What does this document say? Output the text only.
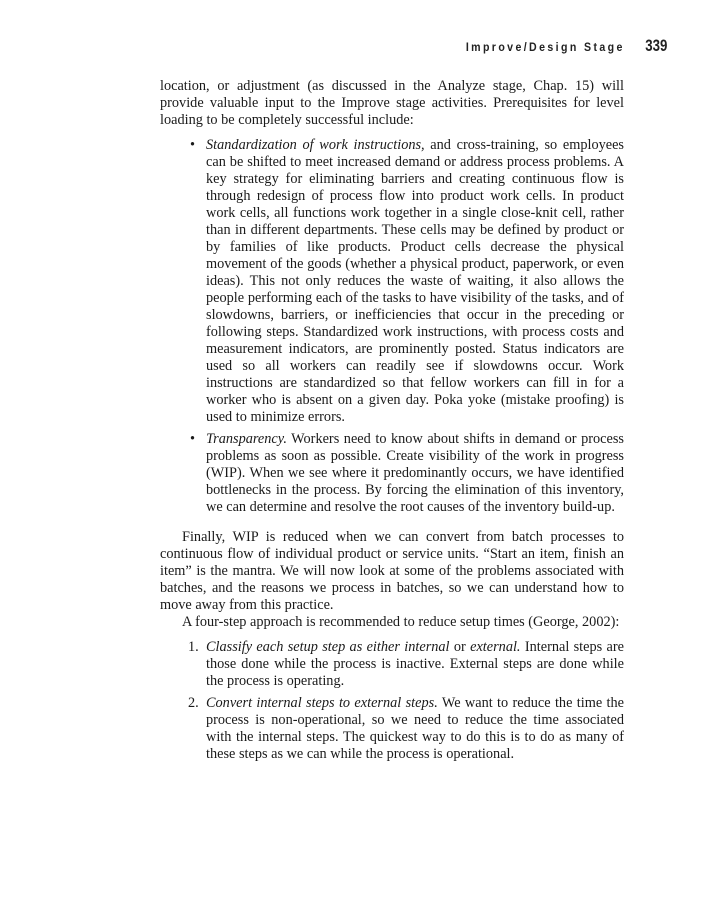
Improve/Design Stage 339

location, or adjustment (as discussed in the Analyze stage, Chap. 15) will provide valuable input to the Improve stage activities. Prerequisites for level loading to be completely successful include:

• Standardization of work instructions, and cross-training, so employees can be shifted to meet increased demand or address process problems. A key strategy for eliminating barriers and creating continuous flow is through redesign of process flow into product work cells. In product work cells, all functions work together in a single close-knit cell, rather than in different departments. These cells may be defined by product or by families of like products. Product cells decrease the physical movement of the goods (whether a physical product, paperwork, or even ideas). This not only reduces the waste of waiting, it also allows the people performing each of the tasks to have visibility of the tasks, and of slowdowns, barriers, or inefficiencies that occur in the preceding or following steps. Standardized work instructions, with process costs and measurement indicators, are prominently posted. Status indicators are used so all workers can readily see if slowdowns occur. Work instructions are standardized so that fellow workers can fill in for a worker who is absent on a given day. Poka yoke (mistake proofing) is used to minimize errors.
• Transparency. Workers need to know about shifts in demand or process problems as soon as possible. Create visibility of the work in progress (WIP). When we see where it predominantly occurs, we have identified bottlenecks in the process. By forcing the elimination of this inventory, we can determine and resolve the root causes of the inventory build-up.

Finally, WIP is reduced when we can convert from batch processes to continuous flow of individual product or service units. “Start an item, finish an item” is the mantra. We will now look at some of the problems associated with batches, and the reasons we process in batches, so we can understand how to move away from this practice.

A four-step approach is recommended to reduce setup times (George, 2002):

1. Classify each setup step as either internal or external. Internal steps are those done while the process is inactive. External steps are done while the process is operating.
2. Convert internal steps to external steps. We want to reduce the time the process is non-operational, so we need to reduce the time associated with the internal steps. The quickest way to do this is to do as many of these steps as we can while the process is operational.
